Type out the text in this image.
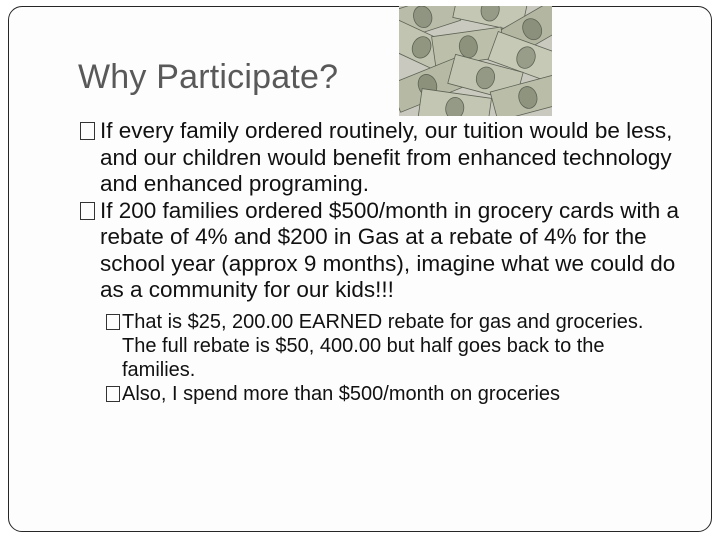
Why Participate?
If every family ordered routinely, our tuition would be less, and our children would benefit from enhanced technology and enhanced programing.
If 200 families ordered $500/month in grocery cards with a rebate of 4% and $200 in Gas at a rebate of 4% for the school year (approx 9 months), imagine what we could do as a community for our kids!!!
That is $25, 200.00 EARNED rebate for gas and groceries. The full rebate is $50, 400.00 but half goes back to the families.
Also, I spend more than $500/month on groceries
